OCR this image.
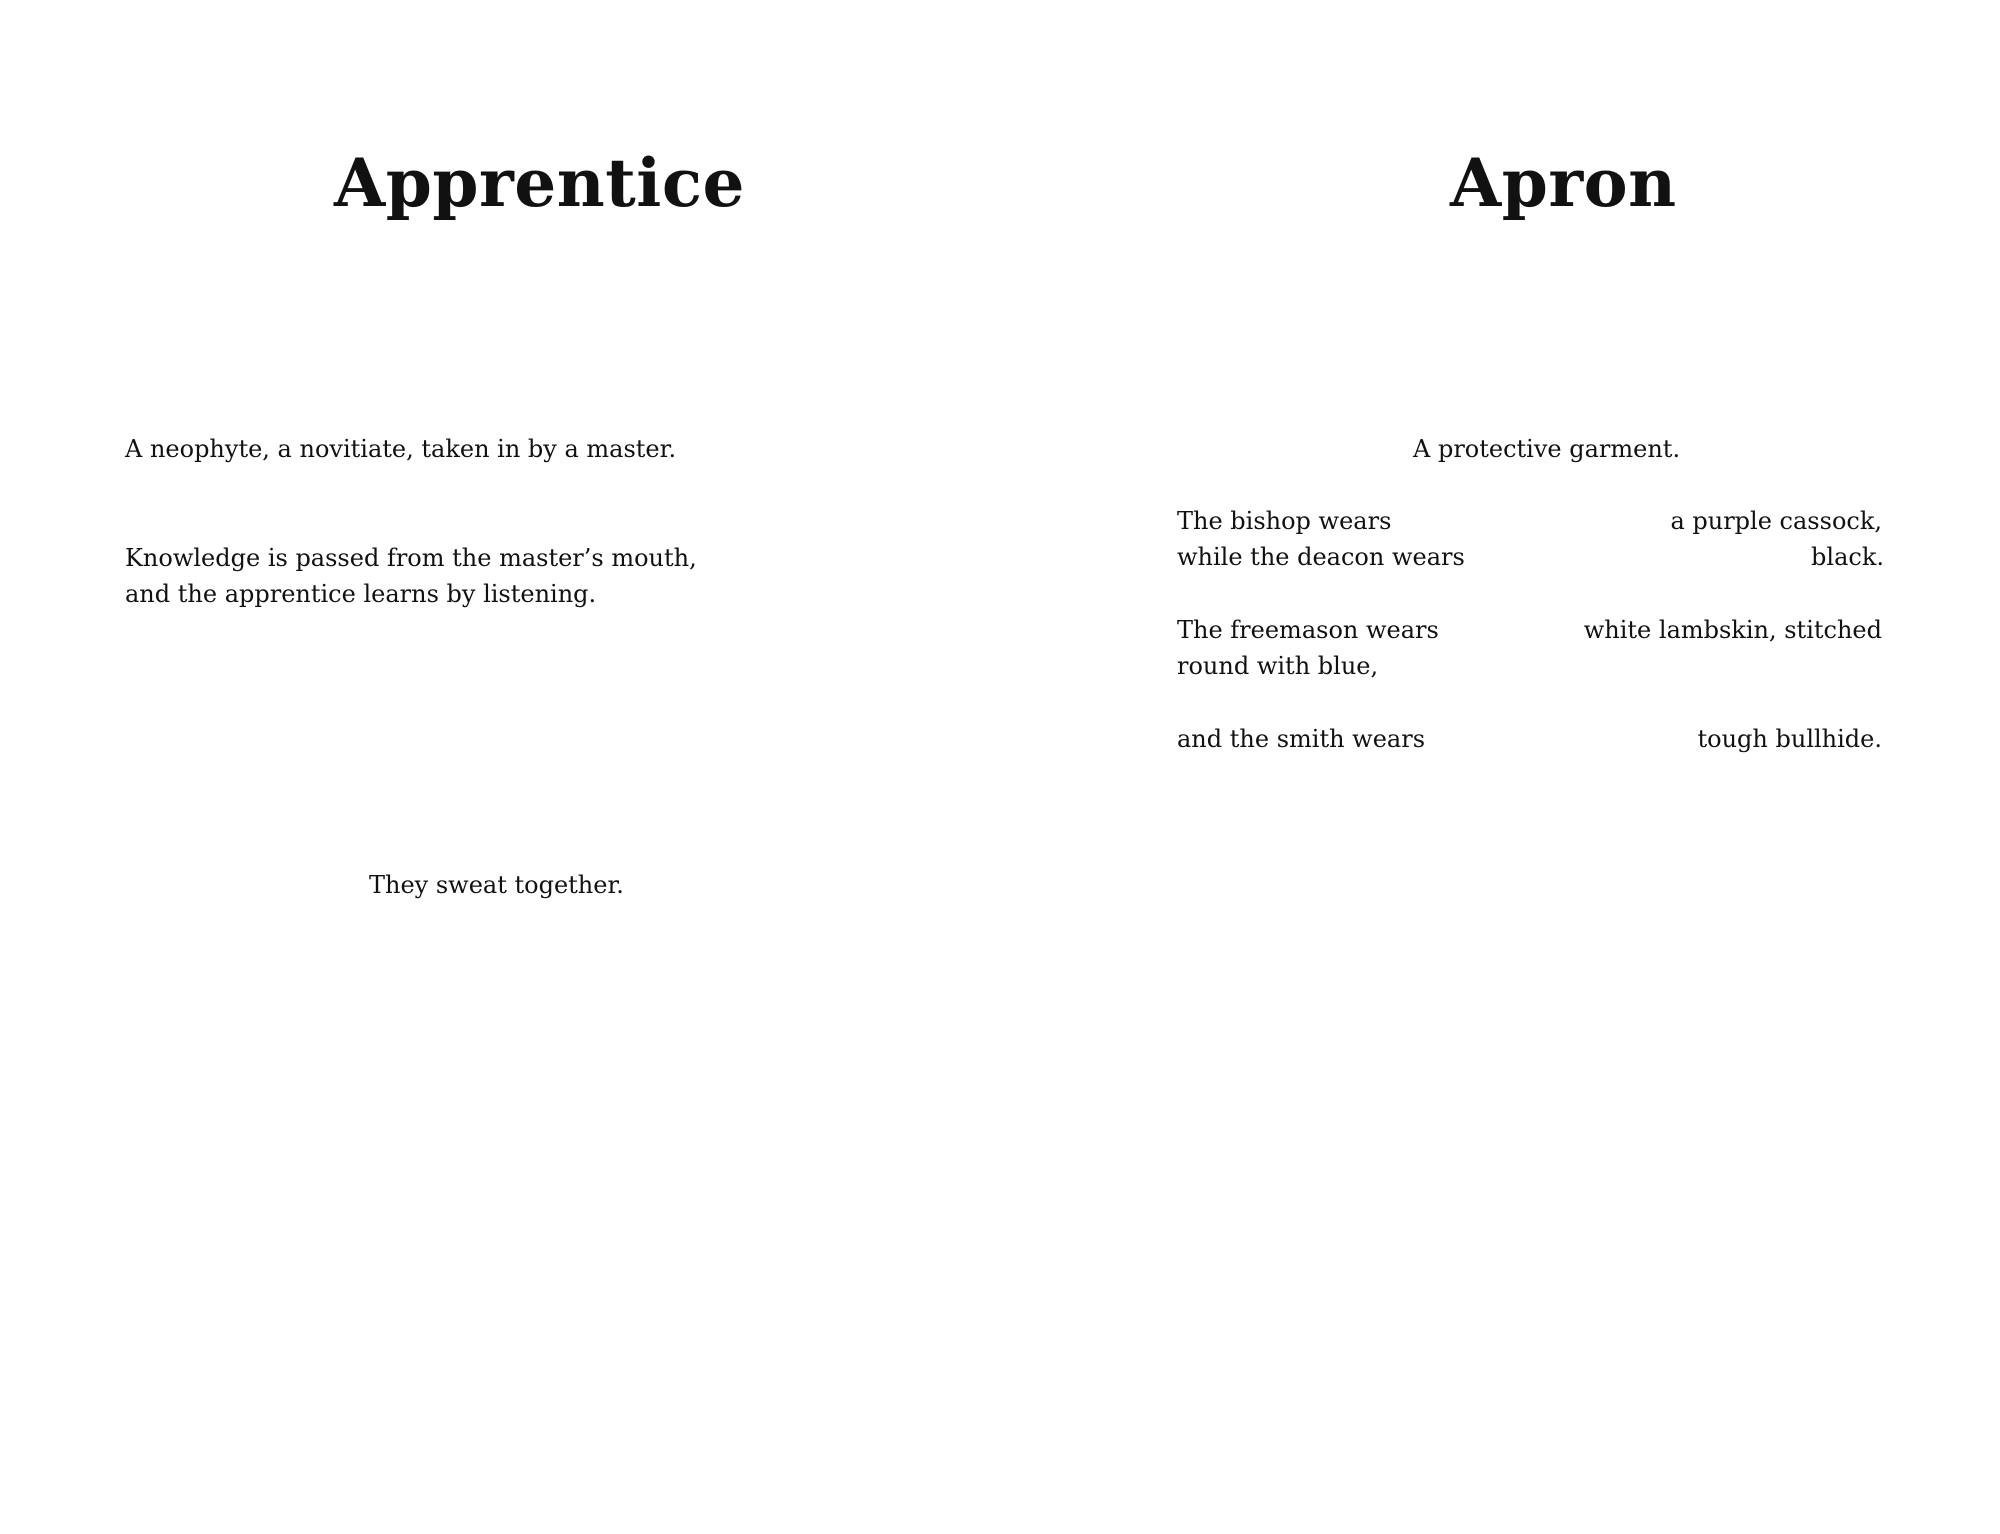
Apprentice

A neophyte, a novitiate, taken in by a master.

Knowledge is passed from the master’s mouth,

and the apprentice learns by listening.

They sweat together.

Apron

A protective garment.

The bishop wears	a purple cassock,

while the deacon wears	black.

The freemason wears	white lambskin, stitched

round with blue,

and the smith wears	tough bullhide.
